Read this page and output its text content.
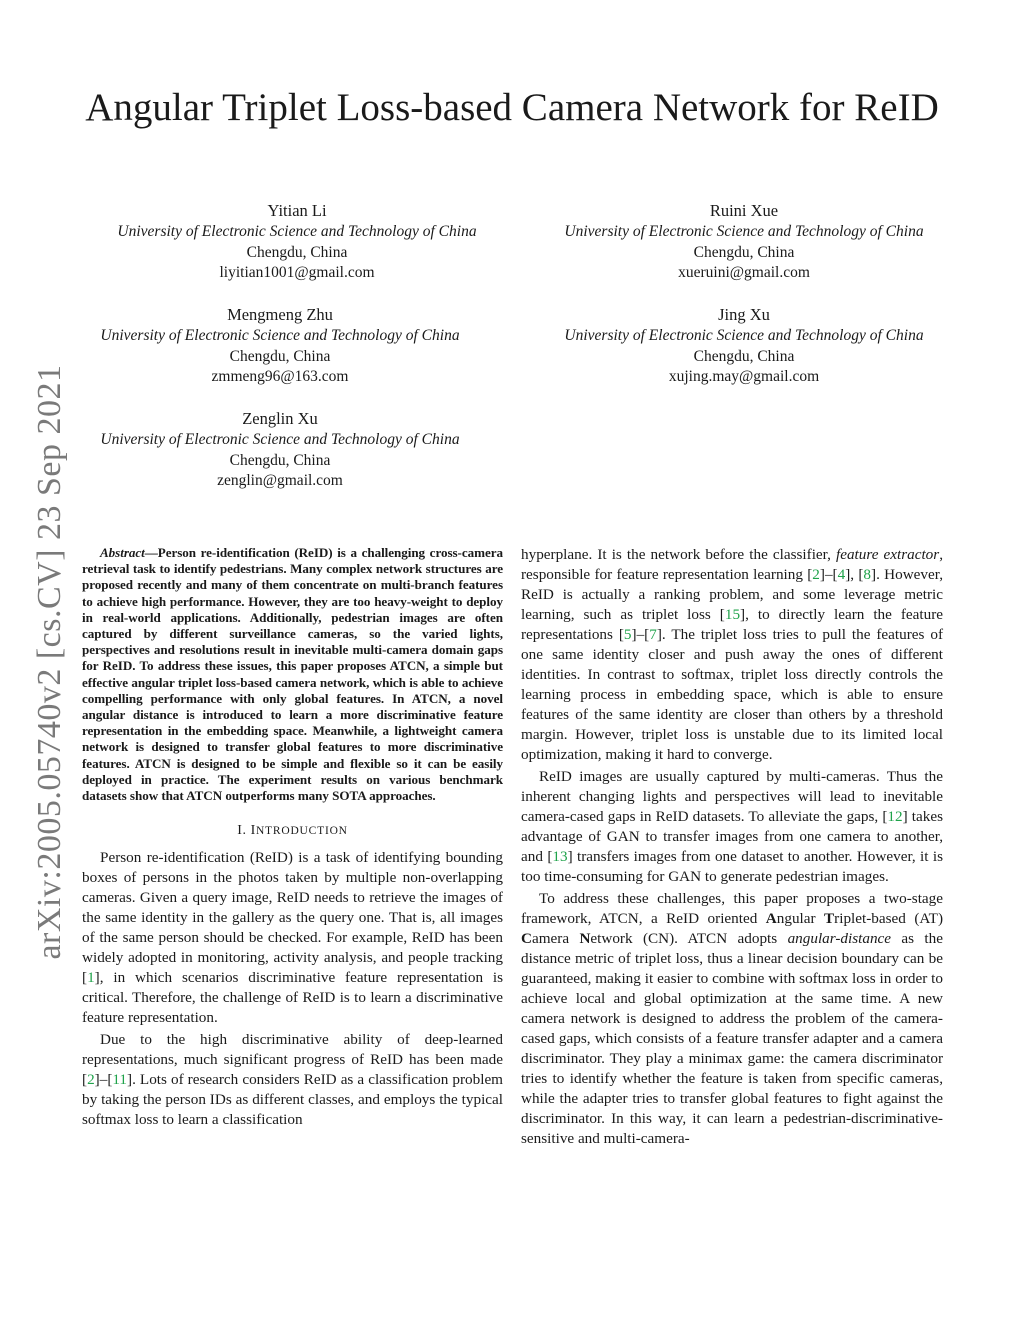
arXiv:2005.05740v2 [cs.CV] 23 Sep 2021
Angular Triplet Loss-based Camera Network for ReID
Yitian Li
University of Electronic Science and Technology of China
Chengdu, China
liyitian1001@gmail.com
Ruini Xue
University of Electronic Science and Technology of China
Chengdu, China
xueruini@gmail.com
Mengmeng Zhu
University of Electronic Science and Technology of China
Chengdu, China
zmmeng96@163.com
Jing Xu
University of Electronic Science and Technology of China
Chengdu, China
xujing.may@gmail.com
Zenglin Xu
University of Electronic Science and Technology of China
Chengdu, China
zenglin@gmail.com

Abstract—Person re-identification (ReID) is a challenging cross-camera retrieval task to identify pedestrians. Many complex network structures are proposed recently and many of them concentrate on multi-branch features to achieve high performance. However, they are too heavy-weight to deploy in real-world applications. Additionally, pedestrian images are often captured by different surveillance cameras, so the varied lights, perspectives and resolutions result in inevitable multi-camera domain gaps for ReID. To address these issues, this paper proposes ATCN, a simple but effective angular triplet loss-based camera network, which is able to achieve compelling performance with only global features. In ATCN, a novel angular distance is introduced to learn a more discriminative feature representation in the embedding space. Meanwhile, a lightweight camera network is designed to transfer global features to more discriminative features. ATCN is designed to be simple and flexible so it can be easily deployed in practice. The experiment results on various benchmark datasets show that ATCN outperforms many SOTA approaches.

I. INTRODUCTION

Person re-identification (ReID) is a task of identifying bounding boxes of persons in the photos taken by multiple non-overlapping cameras. Given a query image, ReID needs to retrieve the images of the same identity in the gallery as the query one. That is, all images of the same person should be checked. For example, ReID has been widely adopted in monitoring, activity analysis, and people tracking [1], in which scenarios discriminative feature representation is critical. Therefore, the challenge of ReID is to learn a discriminative feature representation.

Due to the high discriminative ability of deep-learned representations, much significant progress of ReID has been made [2]–[11]. Lots of research considers ReID as a classification problem by taking the person IDs as different classes, and employs the typical softmax loss to learn a classification

hyperplane. It is the network before the classifier, feature extractor, responsible for feature representation learning [2]–[4], [8]. However, ReID is actually a ranking problem, and some leverage metric learning, such as triplet loss [15], to directly learn the feature representations [5]–[7]. The triplet loss tries to pull the features of one same identity closer and push away the ones of different identities. In contrast to softmax, triplet loss directly controls the learning process in embedding space, which is able to ensure features of the same identity are closer than others by a threshold margin. However, triplet loss is unstable due to its limited local optimization, making it hard to converge.

ReID images are usually captured by multi-cameras. Thus the inherent changing lights and perspectives will lead to inevitable camera-cased gaps in ReID datasets. To alleviate the gaps, [12] takes advantage of GAN to transfer images from one camera to another, and [13] transfers images from one dataset to another. However, it is too time-consuming for GAN to generate pedestrian images.

To address these challenges, this paper proposes a two-stage framework, ATCN, a ReID oriented Angular Triplet-based (AT) Camera Network (CN). ATCN adopts angular-distance as the distance metric of triplet loss, thus a linear decision boundary can be guaranteed, making it easier to combine with softmax loss in order to achieve local and global optimization at the same time. A new camera network is designed to address the problem of the camera-cased gaps, which consists of a feature transfer adapter and a camera discriminator. They play a minimax game: the camera discriminator tries to identify whether the feature is taken from specific cameras, while the adapter tries to transfer global features to fight against the discriminator. In this way, it can learn a pedestrian-discriminative-sensitive and multi-camera-
